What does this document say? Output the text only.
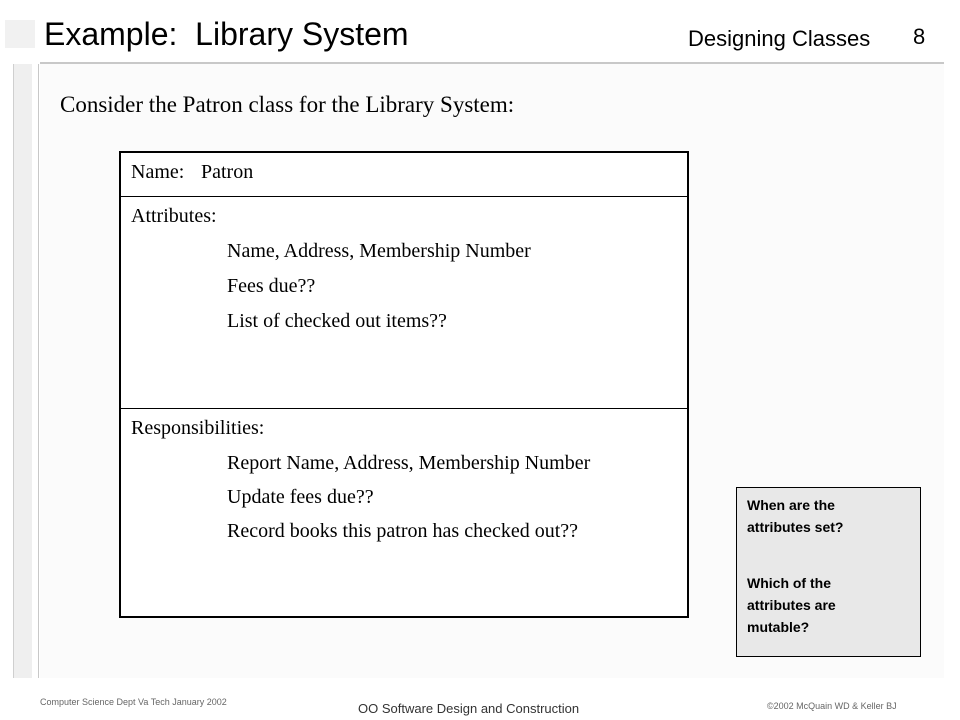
Example: Library System	Designing Classes 8
Consider the Patron class for the Library System:
Name: Patron
Attributes:
Name, Address, Membership Number
Fees due??
List of checked out items??
Responsibilities:
Report Name, Address, Membership Number
Update fees due??
Record books this patron has checked out??

When are the
attributes set?

Which of the
attributes are
mutable?

Computer Science Dept Va Tech January 2002	OO Software Design and Construction	©2002 McQuain WD & Keller BJ
